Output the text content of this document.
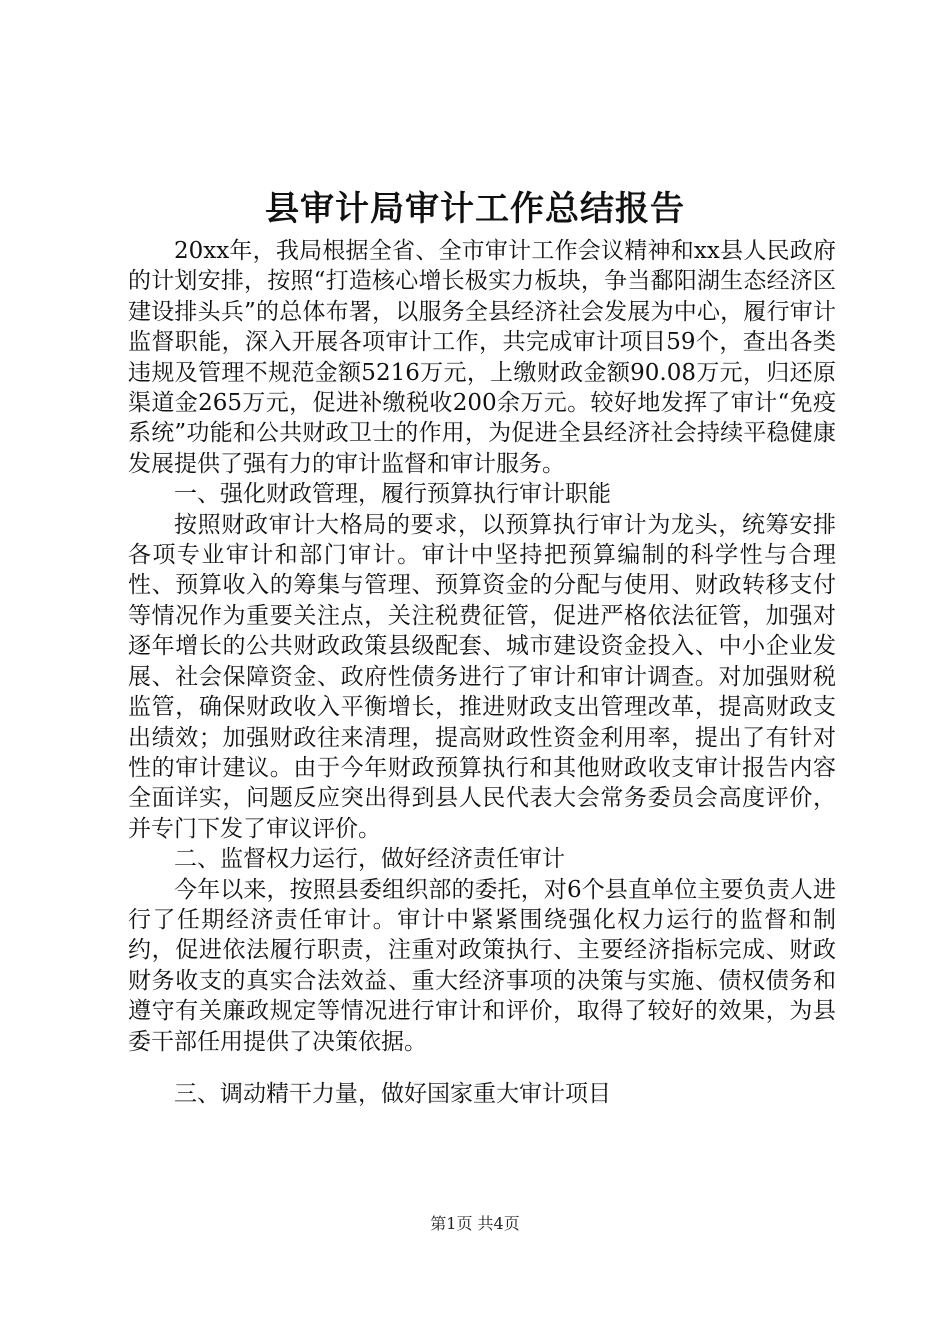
县审计局审计工作总结报告

20xx年，我局根据全省、全市审计工作会议精神和xx县人民政府的计划安排，按照“打造核心增长极实力板块，争当鄱阳湖生态经济区建设排头兵”的总体布署，以服务全县经济社会发展为中心，履行审计监督职能，深入开展各项审计工作，共完成审计项目59个，查出各类违规及管理不规范金额5216万元，上缴财政金额90.08万元，归还原渠道金265万元，促进补缴税收200余万元。较好地发挥了审计“免疫系统”功能和公共财政卫士的作用，为促进全县经济社会持续平稳健康发展提供了强有力的审计监督和审计服务。

一、强化财政管理，履行预算执行审计职能

按照财政审计大格局的要求，以预算执行审计为龙头，统筹安排各项专业审计和部门审计。审计中坚持把预算编制的科学性与合理性、预算收入的筹集与管理、预算资金的分配与使用、财政转移支付等情况作为重要关注点，关注税费征管，促进严格依法征管，加强对逐年增长的公共财政政策县级配套、城市建设资金投入、中小企业发展、社会保障资金、政府性债务进行了审计和审计调查。对加强财税监管，确保财政收入平衡增长，推进财政支出管理改革，提高财政支出绩效；加强财政往来清理，提高财政性资金利用率，提出了有针对性的审计建议。由于今年财政预算执行和其他财政收支审计报告内容全面详实，问题反应突出得到县人民代表大会常务委员会高度评价，并专门下发了审议评价。

二、监督权力运行，做好经济责任审计

今年以来，按照县委组织部的委托，对6个县直单位主要负责人进行了任期经济责任审计。审计中紧紧围绕强化权力运行的监督和制约，促进依法履行职责，注重对政策执行、主要经济指标完成、财政财务收支的真实合法效益、重大经济事项的决策与实施、债权债务和遵守有关廉政规定等情况进行审计和评价，取得了较好的效果，为县委干部任用提供了决策依据。

三、调动精干力量，做好国家重大审计项目

第1页 共4页
